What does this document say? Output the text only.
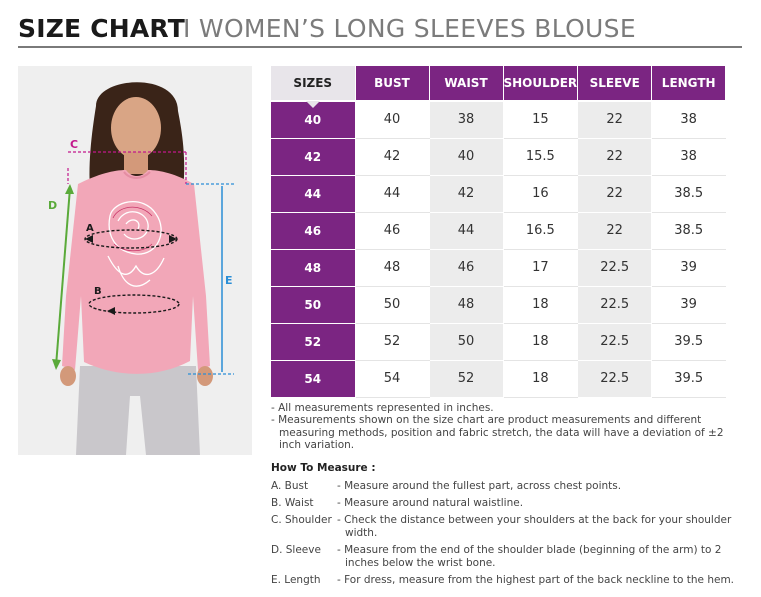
SIZE CHART
I WOMEN’S LONG SLEEVES BLOUSE
C
D
A
B
E
SIZES	BUST	WAIST	SHOULDER	SLEEVE	LENGTH
40	40	38	15	22	38
42	42	40	15.5	22	38
44	44	42	16	22	38.5
46	46	44	16.5	22	38.5
48	48	46	17	22.5	39
50	50	48	18	22.5	39
52	52	50	18	22.5	39.5
54	54	52	18	22.5	39.5
- All measurements represented in inches.
- Measurements shown on the size chart are product measurements and different measuring methods, position and fabric stretch, the data will have a deviation of ±2 inch variation.
How To Measure :
A. Bust	- Measure around the fullest part, across chest points.
B. Waist	- Measure around natural waistline.
C. Shoulder - Check the distance between your shoulders at the back for your shoulder width.
D. Sleeve	- Measure from the end of the shoulder blade (beginning of the arm) to 2 inches below the wrist bone.
E. Length	- For dress, measure from the highest part of the back neckline to the hem.
